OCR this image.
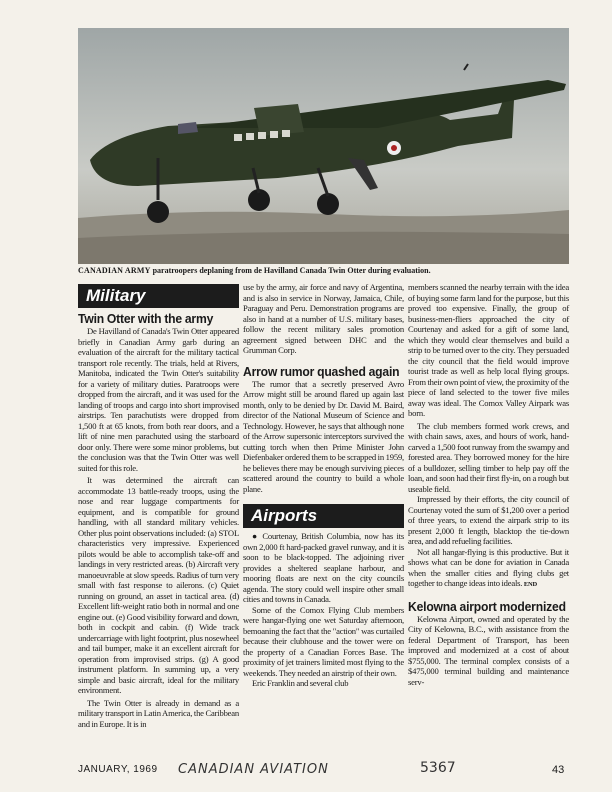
CANADIAN ARMY paratroopers deplaning from de Havilland Canada Twin Otter during evaluation.
Military
Twin Otter with the army

De Havilland of Canada's Twin Otter appeared briefly in Canadian Army garb during an evaluation of the aircraft for the military tactical transport role recently. The trials, held at Rivers, Manitoba, indicated the Twin Otter's suitability for a variety of military duties. Paratroops were dropped from the aircraft, and it was used for the landing of troops and cargo into short improvised airstrips. Ten parachutists were dropped from 1,500 ft at 65 knots, from both rear doors, and a lift of nine men parachuted using the starboard door only. There were some minor problems, but the conclusion was that the Twin Otter was well suited for this role.

It was determined the aircraft can accommodate 13 battle-ready troops, using the nose and rear luggage compartments for equipment, and is compatible for ground handling, with all standard military vehicles. Other plus point observations included: (a) STOL characteristics very impressive. Experienced pilots would be able to accomplish take-off and landings in very restricted areas. (b) Aircraft very manoeuvrable at slow speeds. Radius of turn very small with fast response to ailerons. (c) Quiet running on ground, an asset in tactical area. (d) Excellent lift-weight ratio both in normal and one engine out. (e) Good visibility forward and down, both in cockpit and cabin. (f) Wide track undercarriage with light footprint, plus nosewheel and tail bumper, make it an excellent aircraft for operation from improvised strips. (g) A good instrument platform. In summing up, a very simple and basic aircraft, ideal for the military environment.

The Twin Otter is already in demand as a military transport in Latin America, the Caribbean and in Europe. It is in

use by the army, air force and navy of Argentina, and is also in service in Norway, Jamaica, Chile, Paraguay and Peru. Demonstration programs are also in hand at a number of U.S. military bases, follow the recent military sales promotion agreement signed between DHC and the Grumman Corp.

Arrow rumor quashed again

The rumor that a secretly preserved Avro Arrow might still be around flared up again last month, only to be denied by Dr. David M. Baird, director of the National Museum of Science and Technology. However, he says that although none of the Arrow supersonic interceptors survived the cutting torch when then Prime Minister John Diefenbaker ordered them to be scrapped in 1959, he believes there may be enough surviving pieces scattered around the country to build a whole plane.

Airports

● Courtenay, British Columbia, now has its own 2,000 ft hard-packed gravel runway, and it is soon to be black-topped. The adjoining river provides a sheltered seaplane harbour, and mooring floats are next on the city councils agenda. The story could well inspire other small cities and towns in Canada.

Some of the Comox Flying Club members were hangar-flying one wet Saturday afternoon, bemoaning the fact that the "action" was curtailed because their clubhouse and the tower were on the property of a Canadian Forces Base. The proximity of jet trainers limited most flying to the weekends. They needed an airstrip of their own.

Eric Franklin and several club

members scanned the nearby terrain with the idea of buying some farm land for the purpose, but this proved too expensive. Finally, the group of business-men-fliers approached the city of Courtenay and asked for a gift of some land, which they would clear themselves and build a strip to be turned over to the city. They persuaded the city council that the field would improve tourist trade as well as help local flying groups. From their own point of view, the proximity of the piece of land selected to the tower five miles away was ideal. The Comox Valley Airpark was born.

The club members formed work crews, and with chain saws, axes, and hours of work, hand-carved a 1,500 foot runway from the swampy and forested area. They borrowed money for the hire of a bulldozer, selling timber to help pay off the loan, and soon had their first fly-in, on a rough but useable field.

Impressed by their efforts, the city council of Courtenay voted the sum of $1,200 over a period of three years, to extend the airpark strip to its present 2,000 ft length, blacktop the tie-down area, and add refueling facilities.

Not all hangar-flying is this productive. But it shows what can be done for aviation in Canada when the smaller cities and flying clubs get together to change ideas into ideals. END

Kelowna airport modernized

Kelowna Airport, owned and operated by the City of Kelowna, B.C., with assistance from the federal Department of Transport, has been improved and modernized at a cost of about $755,000. The terminal complex consists of a $475,000 terminal building and maintenance serv-

JANUARY, 1969 CANADIAN AVIATION	5367	43
